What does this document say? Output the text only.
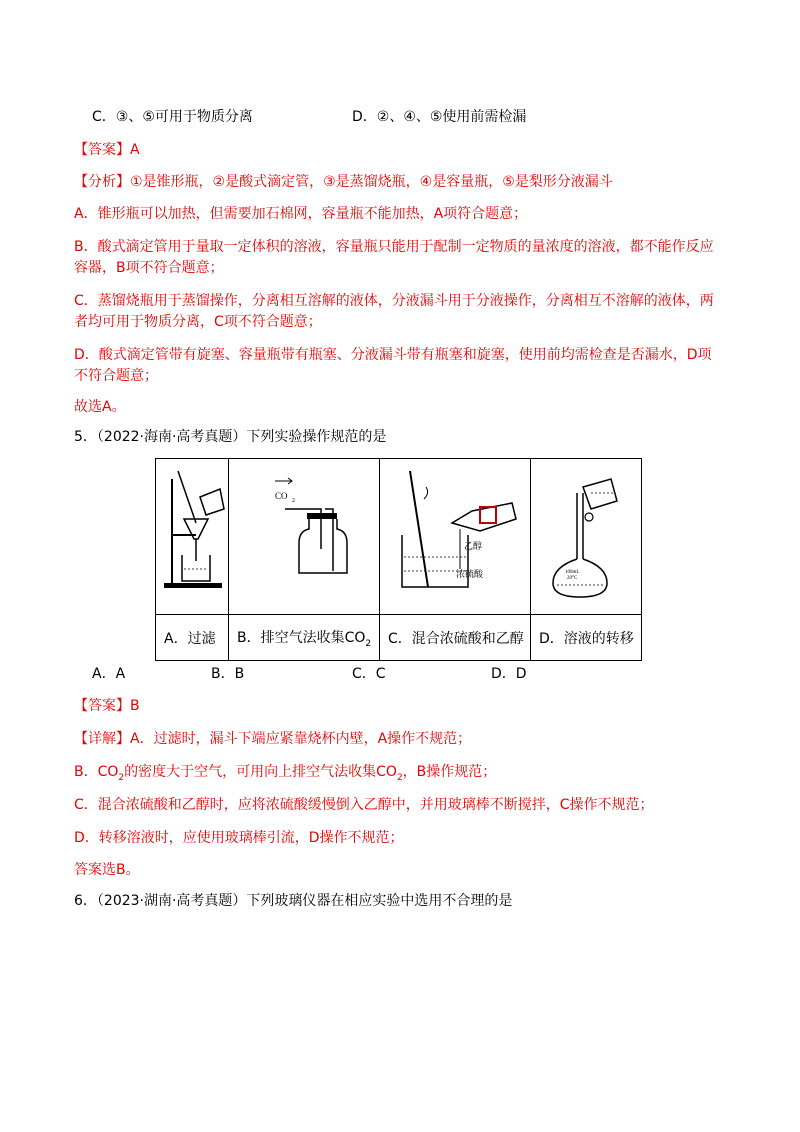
C．③、⑤可用于物质分离	D．②、④、⑤使用前需检漏
【答案】A
【分析】①是锥形瓶，②是酸式滴定管，③是蒸馏烧瓶，④是容量瓶，⑤是梨形分液漏斗
A．锥形瓶可以加热，但需要加石棉网，容量瓶不能加热，A项符合题意；
B．酸式滴定管用于量取一定体积的溶液，容量瓶只能用于配制一定物质的量浓度的溶液，都不能作反应
容器，B项不符合题意；
C．蒸馏烧瓶用于蒸馏操作，分离相互溶解的液体，分液漏斗用于分液操作，分离相互不溶解的液体，两
者均可用于物质分离，C项不符合题意；
D．酸式滴定管带有旋塞、容量瓶带有瓶塞、分液漏斗带有瓶塞和旋塞，使用前均需检查是否漏水，D项
不符合题意；
故选A。
5．（2022·海南·高考真题）下列实验操作规范的是

CO 2	乙醇
浓硫酸	100mL
20°C

A．过滤	B．排空气法收集$CO_2$	C．混合浓硫酸和乙醇	D．溶液的转移
A．A	B．B	C．C	D．D
【答案】B
【详解】A．过滤时，漏斗下端应紧靠烧杯内壁，A操作不规范；
B．$CO_2$的密度大于空气，可用向上排空气法收集$CO_2$，B操作规范；
C．混合浓硫酸和乙醇时，应将浓硫酸缓慢倒入乙醇中，并用玻璃棒不断搅拌，C操作不规范；
D．转移溶液时，应使用玻璃棒引流，D操作不规范；
答案选B。
6．（2023·湖南·高考真题）下列玻璃仪器在相应实验中选用不合理的是
